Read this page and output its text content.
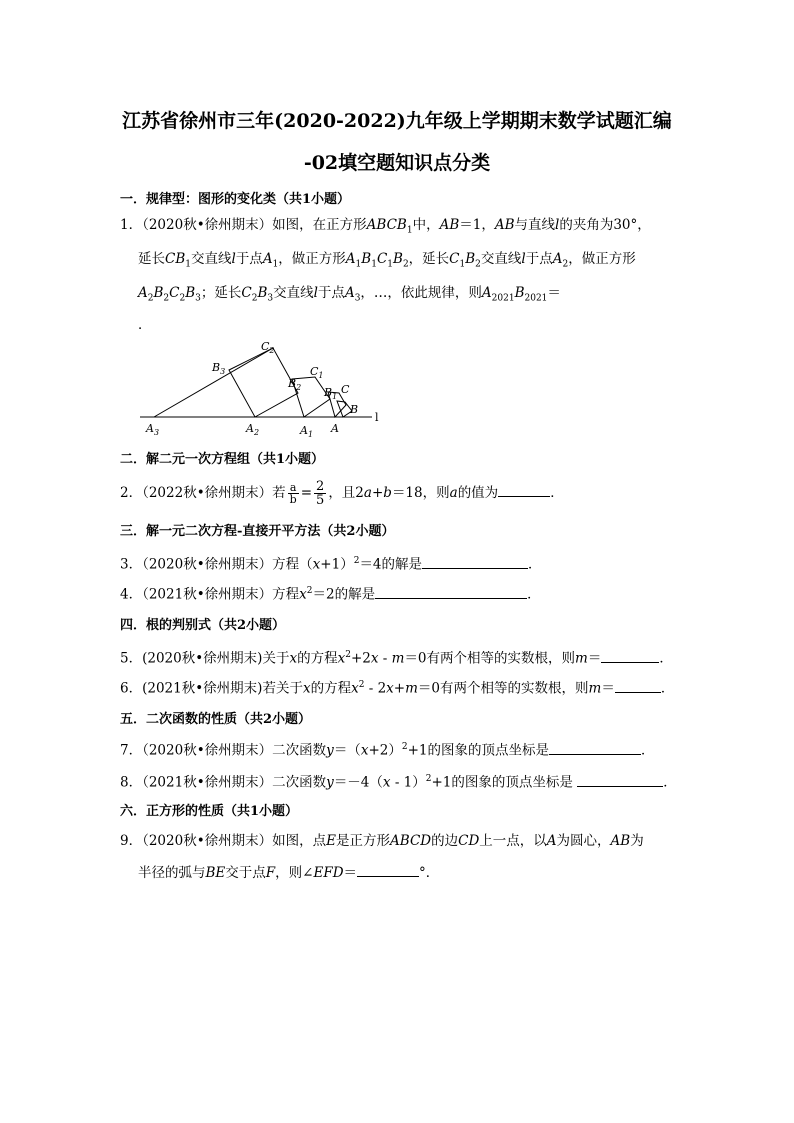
江苏省徐州市三年(2020-2022)九年级上学期期末数学试题汇编
-02填空题知识点分类
一．规律型：图形的变化类（共1小题）
1．（2020秋•徐州期末）如图，在正方形$ABCB_1$中，AB＝1，AB与直线l的夹角为30°，
延长$CB_1$交直线l于点$A_1$，做正方形$A_1B_1C_1B_2$，延长$C_1B_2$交直线l于点$A_2$，做正方形
$A_2B_2C_2B_3$；延长$C_2B_3$交直线l于点$A_3$，…，依此规律，则$A_{2021}B_{2021}=$
．
$C_2$
$B_3$
$B_2$
$C_1$
$B_1$
C
B
$A_3$	$A_2$	$A_1$ A
l
二．解二元一次方程组（共1小题）
2．（2022秋•徐州期末）若 $\frac{a}{b} = \frac{2}{5}$ ，且2a+b＝18，则a的值为	．
三．解一元二次方程-直接开平方法（共2小题）
3．（2020秋•徐州期末）方程$(x+1)^2=4$的解是	．
4．（2021秋•徐州期末）方程$x^2=2$的解是	．
四．根的判别式（共2小题）
5．(2020秋•徐州期末)关于x的方程$x^2+2x - m=0$有两个相等的实数根，则m＝	．
6．(2021秋•徐州期末)若关于x的方程$x^2 - 2x+m=0$有两个相等的实数根，则m＝	．
五．二次函数的性质（共2小题）
7．（2020秋•徐州期末）二次函数$y=(x+2)^2+1$的图象的顶点坐标是	．
8．（2021秋•徐州期末）二次函数y＝－4（x - 1）$^2$+1的图象的顶点坐标是	．
六．正方形的性质（共1小题）
9．（2020秋•徐州期末）如图，点E是正方形ABCD的边CD上一点，以A为圆心，AB为
半径的弧与BE交于点F，则∠EFD＝	°．
